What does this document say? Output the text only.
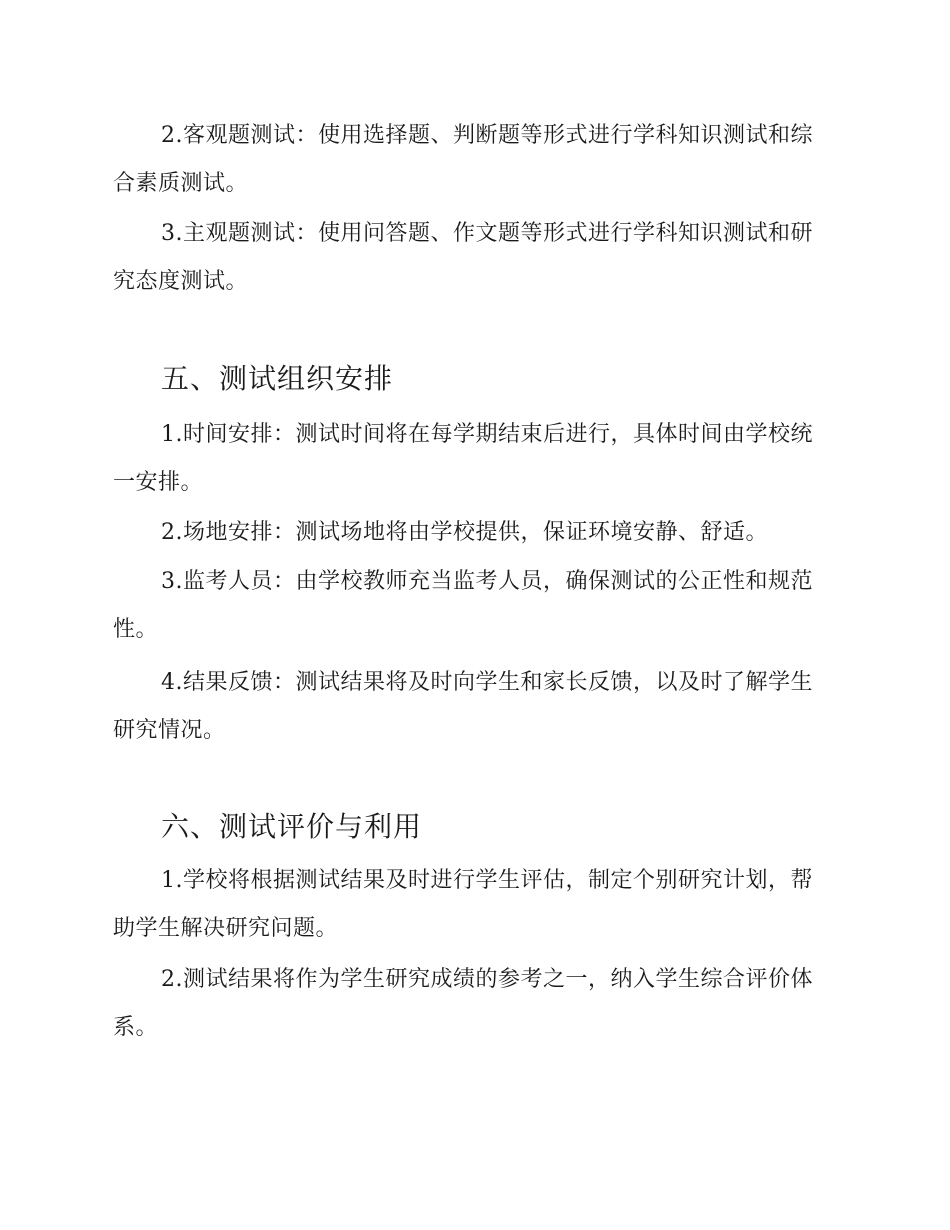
2.客观题测试：使用选择题、判断题等形式进行学科知识测试和综合素质测试。

3.主观题测试：使用问答题、作文题等形式进行学科知识测试和研究态度测试。

五、测试组织安排

1.时间安排：测试时间将在每学期结束后进行，具体时间由学校统一安排。

2.场地安排：测试场地将由学校提供，保证环境安静、舒适。

3.监考人员：由学校教师充当监考人员，确保测试的公正性和规范性。

4.结果反馈：测试结果将及时向学生和家长反馈，以及时了解学生研究情况。

六、测试评价与利用

1.学校将根据测试结果及时进行学生评估，制定个别研究计划，帮助学生解决研究问题。

2.测试结果将作为学生研究成绩的参考之一，纳入学生综合评价体系。
